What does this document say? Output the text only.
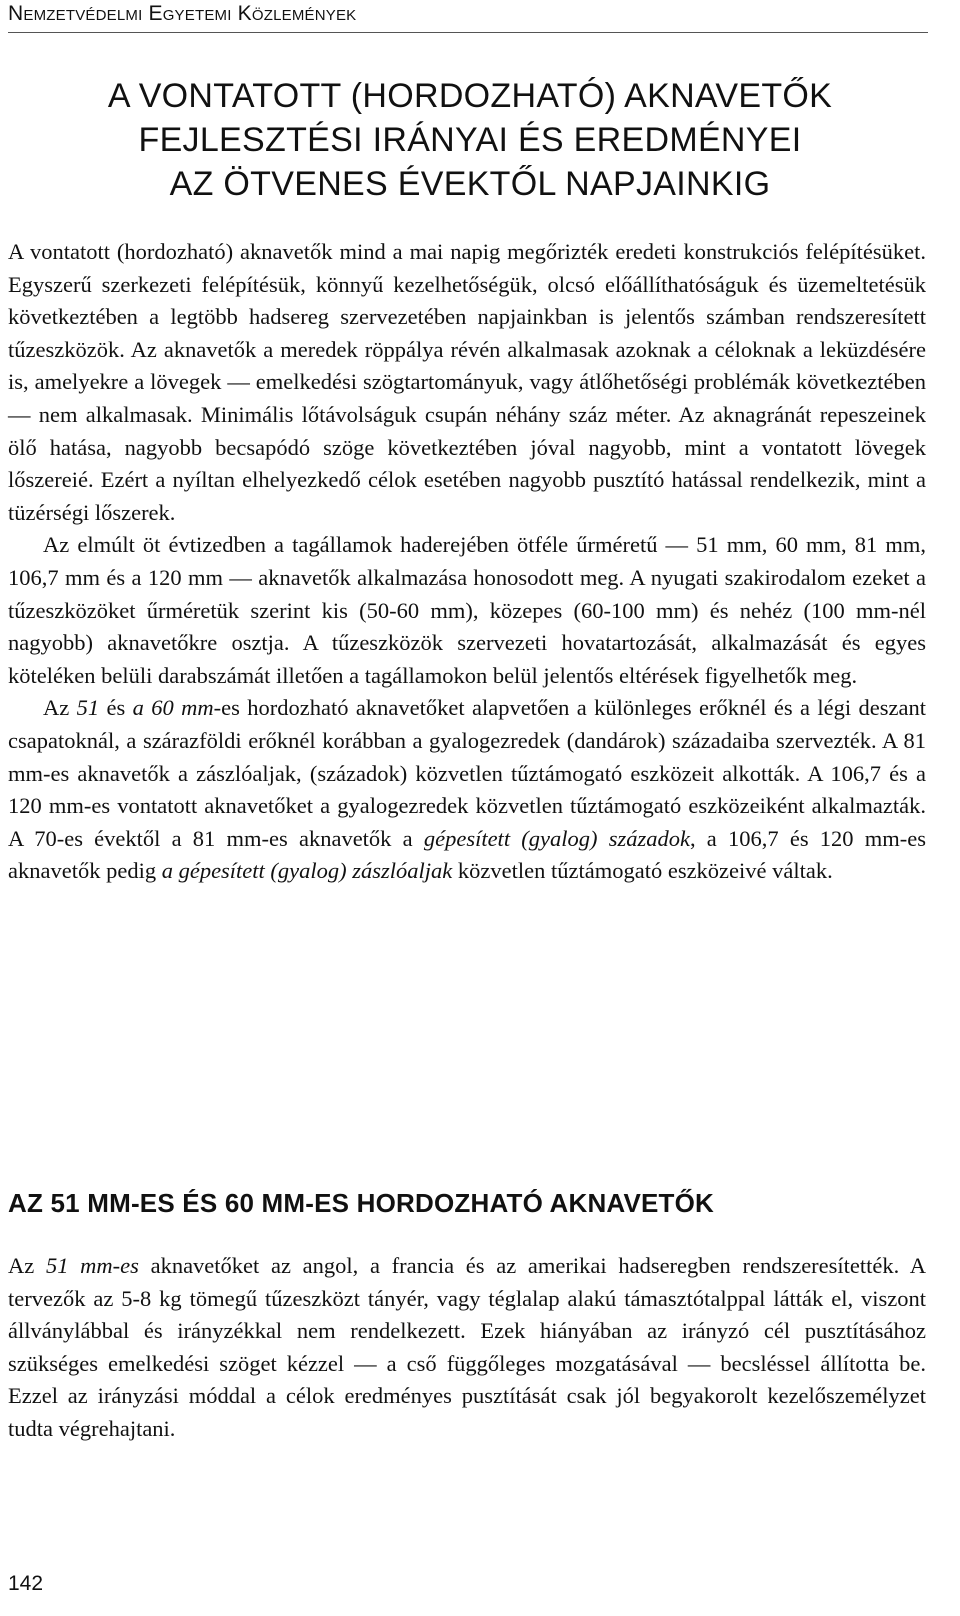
Nemzetvédelmi Egyetemi Közlemények
A VONTATOTT (HORDOZHATÓ) AKNAVETŐK
FEJLESZTÉSI IRÁNYAI ÉS EREDMÉNYEI
AZ ÖTVENES ÉVEKTŐL NAPJAINKIG

A vontatott (hordozható) aknavetők mind a mai napig megőrizték eredeti konstrukciós felépítésüket. Egyszerű szerkezeti felépítésük, könnyű kezelhetőségük, olcsó előállíthatóságuk és üzemeltetésük következtében a legtöbb hadsereg szervezetében napjainkban is jelentős számban rendszeresített tűzeszközök. Az aknavetők a meredek röppálya révén alkalmasak azoknak a céloknak a leküzdésére is, amelyekre a lövegek — emelkedési szögtartományuk, vagy átlőhetőségi problémák következtében — nem alkalmasak. Minimális lőtávolságuk csupán néhány száz méter. Az aknagránát repeszeinek ölő hatása, nagyobb becsapódó szöge következtében jóval nagyobb, mint a vontatott lövegek lőszereié. Ezért a nyíltan elhelyezkedő célok esetében nagyobb pusztító hatással rendelkezik, mint a tüzérségi lőszerek.

Az elmúlt öt évtizedben a tagállamok haderejében ötféle űrméretű — 51 mm, 60 mm, 81 mm, 106,7 mm és a 120 mm — aknavetők alkalmazása honosodott meg. A nyugati szakirodalom ezeket a tűzeszközöket űrméretük szerint kis (50-60 mm), közepes (60-100 mm) és nehéz (100 mm-nél nagyobb) aknavetőkre osztja. A tűzeszközök szervezeti hovatartozását, alkalmazását és egyes köteléken belüli darabszámát illetően a tagállamokon belül jelentős eltérések figyelhetők meg.

Az 51 és a 60 mm-es hordozható aknavetőket alapvetően a különleges erőknél és a légi deszant csapatoknál, a szárazföldi erőknél korábban a gyalogezredek (dandárok) századaiba szervezték. A 81 mm-es aknavetők a zászlóaljak, (századok) közvetlen tűztámogató eszközeit alkották. A 106,7 és a 120 mm-es vontatott aknavetőket a gyalogezredek közvetlen tűztámogató eszközeiként alkalmazták. A 70-es évektől a 81 mm-es aknavetők a gépesített (gyalog) századok, a 106,7 és 120 mm-es aknavetők pedig a gépesített (gyalog) zászlóaljak közvetlen tűztámogató eszközeivé váltak.

AZ 51 MM-ES ÉS 60 MM-ES HORDOZHATÓ AKNAVETŐK

Az 51 mm-es aknavetőket az angol, a francia és az amerikai hadseregben rendszeresítették. A tervezők az 5-8 kg tömegű tűzeszközt tányér, vagy téglalap alakú támasztótalppal látták el, viszont állványlábbal és irányzékkal nem rendelkezett. Ezek hiányában az irányzó cél pusztításához szükséges emelkedési szöget kézzel — a cső függőleges mozgatásával — becsléssel állította be. Ezzel az irányzási móddal a célok eredményes pusztítását csak jól begyakorolt kezelőszemélyzet tudta végrehajtani.

142
